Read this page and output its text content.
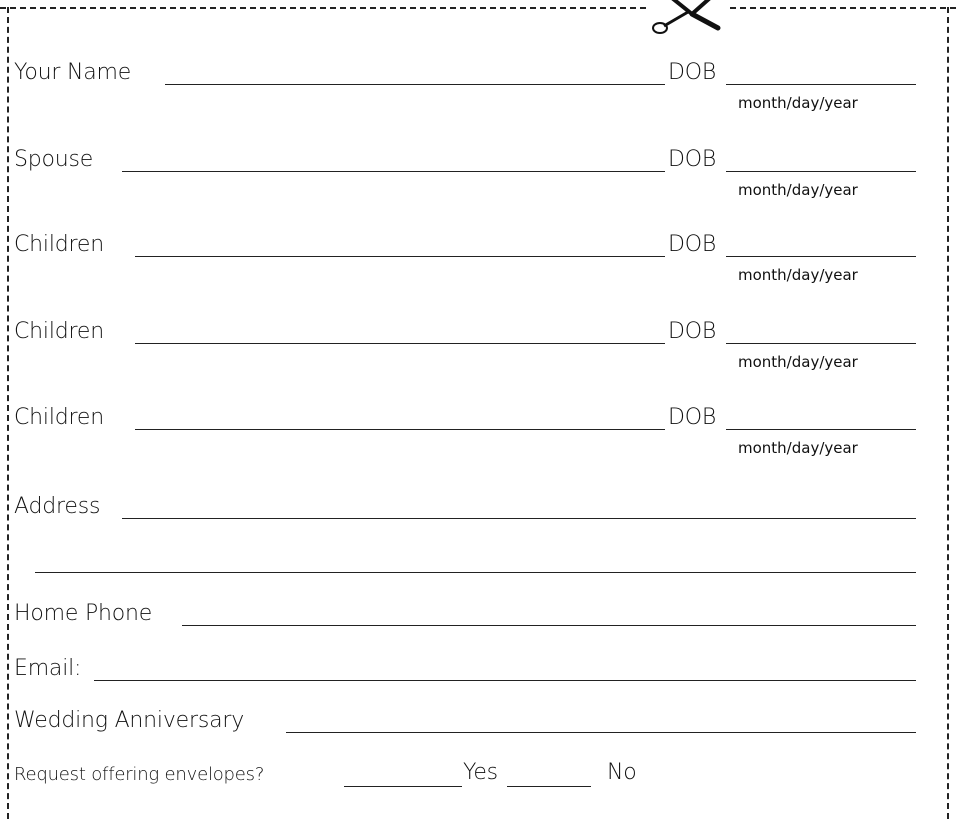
Your Name	DOB
month/day/year
Spouse	DOB
month/day/year
Children	DOB
month/day/year
Children	DOB
month/day/year
Children	DOB
month/day/year
Address
Home Phone
Email:
Wedding Anniversary
Request offering envelopes?	Yes	No
